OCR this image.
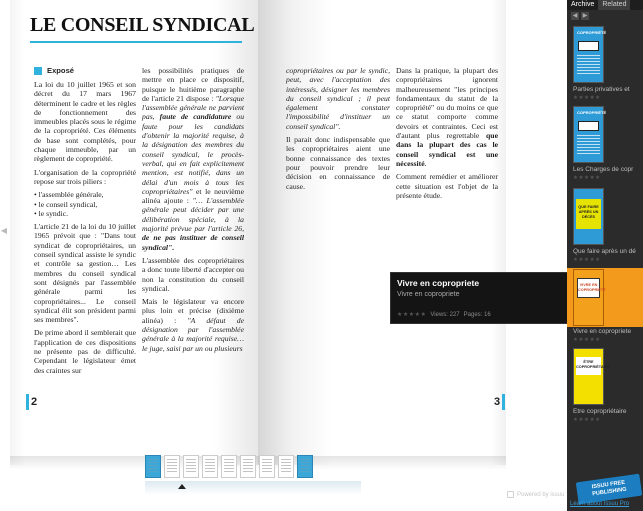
◀
LE CONSEIL SYNDICAL
Exposé

La loi du 10 juillet 1965 et son décret du 17 mars 1967 déterminent le cadre et les règles de fonctionnement des immeubles placés sous le régime de la copropriété. Ces éléments de base sont complétés, pour chaque immeuble, par un règlement de copropriété.

L'organisation de la copropriété repose sur trois piliers :

• l'assemblée générale,
• le conseil syndical,
• le syndic.

L'article 21 de la loi du 10 juillet 1965 prévoit que : "Dans tout syndicat de copropriétaires, un conseil syndical assiste le syndic et contrôle sa gestion… Les membres du conseil syndical sont désignés par l'assemblée générale parmi les copropriétaires... Le conseil syndical élit son président parmi ses membres".

De prime abord il semblerait que l'application de ces dispositions ne présente pas de difficulté. Cependant le législateur émet des craintes sur

les possibilités pratiques de mettre en place ce dispositif, puisque le huitième paragraphe de l'article 21 dispose : "Lorsque l'assemblée générale ne parvient pas, faute de candidature ou faute pour les candidats d'obtenir la majorité requise, à la désignation des membres du conseil syndical, le procès-verbal, qui en fait explicitement mention, est notifié, dans un délai d'un mois à tous les copropriétaires" et le neuvième alinéa ajoute : "… L'assemblée générale peut décider par une délibération spéciale, à la majorité prévue par l'article 26, de ne pas instituer de conseil syndical".

L'assemblée des copropriétaires a donc toute liberté d'accepter ou non la constitution du conseil syndical.

Mais le législateur va encore plus loin et précise (dixième alinéa) : "A défaut de désignation par l'assemblée générale à la majorité requise… le juge, saisi par un ou plusieurs

2

copropriétaires ou par le syndic, peut, avec l'acceptation des intéressés, désigner les membres du conseil syndical ; il peut également constater l'impossibilité d'instituer un conseil syndical".

Il parait donc indispensable que les copropriétaires aient une bonne connaissance des textes pour pouvoir prendre leur décision en connaissance de cause.

Dans la pratique, la plupart des copropriétaires ignorent malheureusement "les principes fondamentaux du statut de la copropriété" ou du moins ce que ce statut comporte comme devoirs et contraintes. Ceci est d'autant plus regrettable que dans la plupart des cas le conseil syndical est une nécessité.

Comment remédier et améliorer cette situation est l'objet de la présente étude.

3
Powered by issuu
Vivre en copropriete
Vivre en copropriete
★★★★★ Views: 227 Pages: 16
Archive	Related
◀ ▶
COPROPRIÉTÉ
Parties privatives et
★★★★★
COPROPRIÉTÉ
Les Charges de copr
★★★★★
QUE FAIRE APRÈS UN DÉCÈS
Que faire après un dé
★★★★★
VIVRE EN COPROPRIÉTÉ
Vivre en copropriete
★★★★★
ÊTRE COPROPRIÉTAIRE
Etre copropriétaire
★★★★★
ISSUU FREE PUBLISHING
Learn about Issuu Pro
